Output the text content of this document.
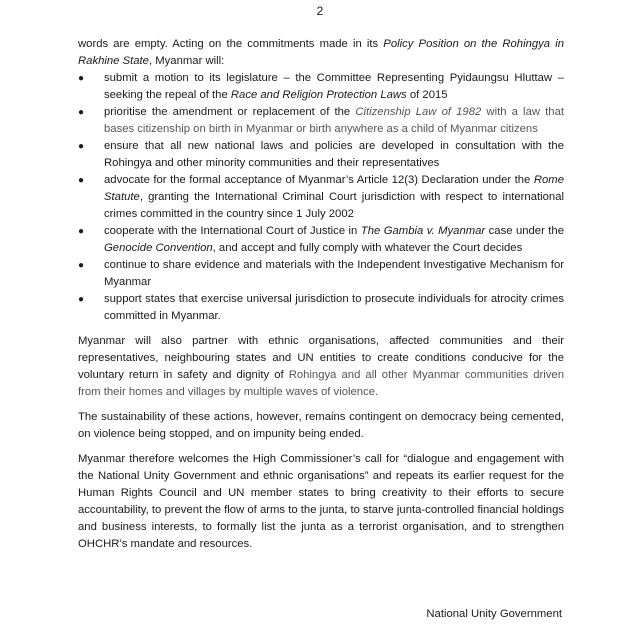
2

words are empty. Acting on the commitments made in its Policy Position on the Rohingya in Rakhine State, Myanmar will:

● submit a motion to its legislature – the Committee Representing Pyidaungsu Hluttaw – seeking the repeal of the Race and Religion Protection Laws of 2015
● prioritise the amendment or replacement of the Citizenship Law of 1982 with a law that bases citizenship on birth in Myanmar or birth anywhere as a child of Myanmar citizens
● ensure that all new national laws and policies are developed in consultation with the Rohingya and other minority communities and their representatives
● advocate for the formal acceptance of Myanmar’s Article 12(3) Declaration under the Rome Statute, granting the International Criminal Court jurisdiction with respect to international crimes committed in the country since 1 July 2002
● cooperate with the International Court of Justice in The Gambia v. Myanmar case under the Genocide Convention, and accept and fully comply with whatever the Court decides
● continue to share evidence and materials with the Independent Investigative Mechanism for Myanmar
● support states that exercise universal jurisdiction to prosecute individuals for atrocity crimes committed in Myanmar.

Myanmar will also partner with ethnic organisations, affected communities and their representatives, neighbouring states and UN entities to create conditions conducive for the voluntary return in safety and dignity of Rohingya and all other Myanmar communities driven from their homes and villages by multiple waves of violence.

The sustainability of these actions, however, remains contingent on democracy being cemented, on violence being stopped, and on impunity being ended.

Myanmar therefore welcomes the High Commissioner’s call for “dialogue and engagement with the National Unity Government and ethnic organisations” and repeats its earlier request for the Human Rights Council and UN member states to bring creativity to their efforts to secure accountability, to prevent the flow of arms to the junta, to starve junta-controlled financial holdings and business interests, to formally list the junta as a terrorist organisation, and to strengthen OHCHR’s mandate and resources.

National Unity Government
